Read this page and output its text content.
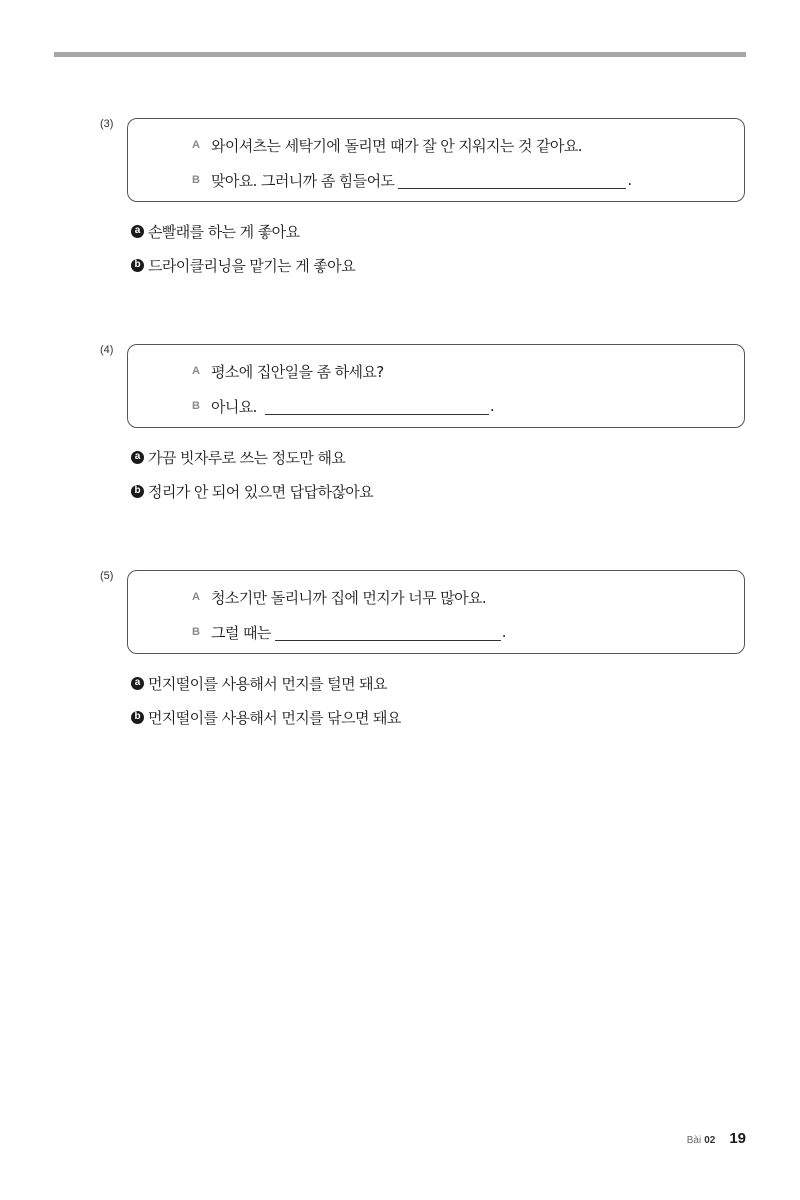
(3)
A 와이셔츠는 세탁기에 돌리면 때가 잘 안 지워지는 것 같아요.
B 맞아요. 그러니까 좀 힘들어도	.
a 손빨래를 하는 게 좋아요
b 드라이클리닝을 맡기는 게 좋아요
(4)
A 평소에 집안일을 좀 하세요?
B 아니요.	.
a 가끔 빗자루로 쓰는 정도만 해요
b 정리가 안 되어 있으면 답답하잖아요
(5)
A 청소기만 돌리니까 집에 먼지가 너무 많아요.
B 그럴 때는	.
a 먼지떨이를 사용해서 먼지를 털면 돼요
b 먼지떨이를 사용해서 먼지를 닦으면 돼요
Bài 02 19
